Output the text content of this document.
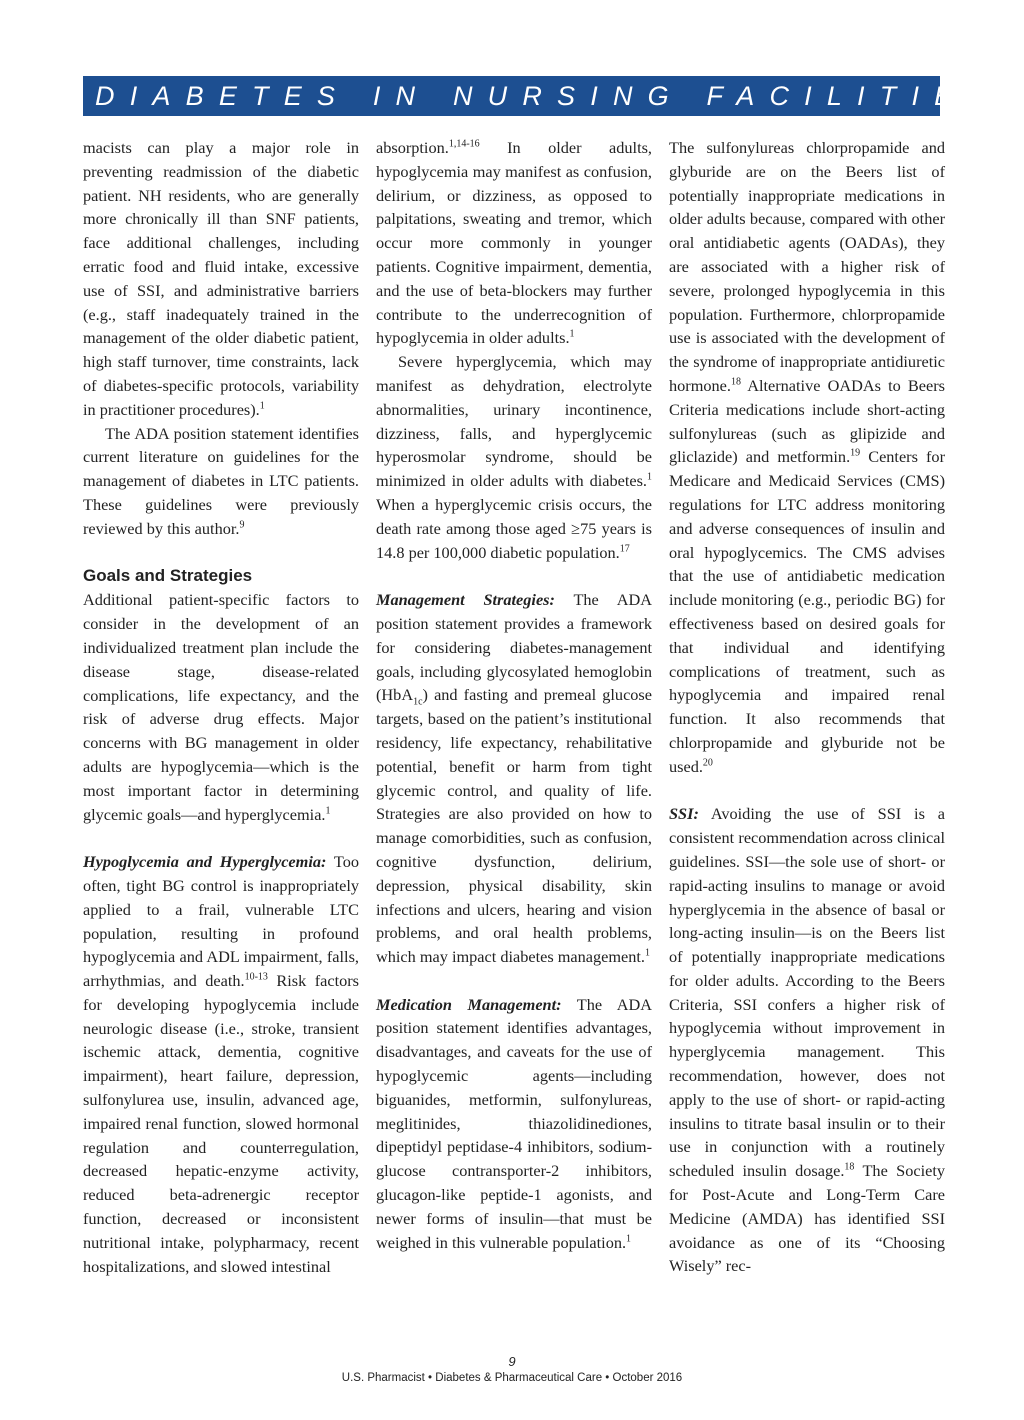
DIABETES IN NURSING FACILITIES

macists can play a major role in preventing readmission of the diabetic patient. NH residents, who are generally more chronically ill than SNF patients, face additional challenges, including erratic food and fluid intake, excessive use of SSI, and administrative barriers (e.g., staff inadequately trained in the management of the older diabetic patient, high staff turnover, time constraints, lack of diabetes-specific protocols, variability in practitioner procedures).$^1$

The ADA position statement identifies current literature on guidelines for the management of diabetes in LTC patients. These guidelines were previously reviewed by this author.$^9$

Goals and Strategies

Additional patient-specific factors to consider in the development of an individualized treatment plan include the disease stage, disease-related complications, life expectancy, and the risk of adverse drug effects. Major concerns with BG management in older adults are hypoglycemia—which is the most important factor in determining glycemic goals—and hyperglycemia.$^1$

Hypoglycemia and Hyperglycemia: Too often, tight BG control is inappropriately applied to a frail, vulnerable LTC population, resulting in profound hypoglycemia and ADL impairment, falls, arrhythmias, and death.$^{10-13}$ Risk factors for developing hypoglycemia include neurologic disease (i.e., stroke, transient ischemic attack, dementia, cognitive impairment), heart failure, depression, sulfonylurea use, insulin, advanced age, impaired renal function, slowed hormonal regulation and counterregulation, decreased hepatic-enzyme activity, reduced beta-adrenergic receptor function, decreased or inconsistent nutritional intake, polypharmacy, recent hospitalizations, and slowed intestinal

absorption.$^{1,14-16}$ In older adults, hypoglycemia may manifest as confusion, delirium, or dizziness, as opposed to palpitations, sweating and tremor, which occur more commonly in younger patients. Cognitive impairment, dementia, and the use of beta-blockers may further contribute to the underrecognition of hypoglycemia in older adults.$^1$

Severe hyperglycemia, which may manifest as dehydration, electrolyte abnormalities, urinary incontinence, dizziness, falls, and hyperglycemic hyperosmolar syndrome, should be minimized in older adults with diabetes.$^1$ When a hyperglycemic crisis occurs, the death rate among those aged ≥75 years is 14.8 per 100,000 diabetic population.$^{17}$

Management Strategies: The ADA position statement provides a framework for considering diabetes-management goals, including glycosylated hemoglobin (HbA$_{1c}$) and fasting and premeal glucose targets, based on the patient’s institutional residency, life expectancy, rehabilitative potential, benefit or harm from tight glycemic control, and quality of life. Strategies are also provided on how to manage comorbidities, such as confusion, cognitive dysfunction, delirium, depression, physical disability, skin infections and ulcers, hearing and vision problems, and oral health problems, which may impact diabetes management.$^1$

Medication Management: The ADA position statement identifies advantages, disadvantages, and caveats for the use of hypoglycemic agents—including biguanides, metformin, sulfonylureas, meglitinides, thiazolidinediones, dipeptidyl peptidase-4 inhibitors, sodium-glucose contransporter-2 inhibitors, glucagon-like peptide-1 agonists, and newer forms of insulin—that must be weighed in this vulnerable population.$^1$

The sulfonylureas chlorpropamide and glyburide are on the Beers list of potentially inappropriate medications in older adults because, compared with other oral antidiabetic agents (OADAs), they are associated with a higher risk of severe, prolonged hypoglycemia in this population. Furthermore, chlorpropamide use is associated with the development of the syndrome of inappropriate antidiuretic hormone.$^{18}$ Alternative OADAs to Beers Criteria medications include short-acting sulfonylureas (such as glipizide and gliclazide) and metformin.$^{19}$ Centers for Medicare and Medicaid Services (CMS) regulations for LTC address monitoring and adverse consequences of insulin and oral hypoglycemics. The CMS advises that the use of antidiabetic medication include monitoring (e.g., periodic BG) for effectiveness based on desired goals for that individual and identifying complications of treatment, such as hypoglycemia and impaired renal function. It also recommends that chlorpropamide and glyburide not be used.$^{20}$

SSI: Avoiding the use of SSI is a consistent recommendation across clinical guidelines. SSI—the sole use of short- or rapid-acting insulins to manage or avoid hyperglycemia in the absence of basal or long-acting insulin—is on the Beers list of potentially inappropriate medications for older adults. According to the Beers Criteria, SSI confers a higher risk of hypoglycemia without improvement in hyperglycemia management. This recommendation, however, does not apply to the use of short- or rapid-acting insulins to titrate basal insulin or to their use in conjunction with a routinely scheduled insulin dosage.$^{18}$ The Society for Post-Acute and Long-Term Care Medicine (AMDA) has identified SSI avoidance as one of its “Choosing Wisely” rec-

9
U.S. Pharmacist • Diabetes & Pharmaceutical Care • October 2016
